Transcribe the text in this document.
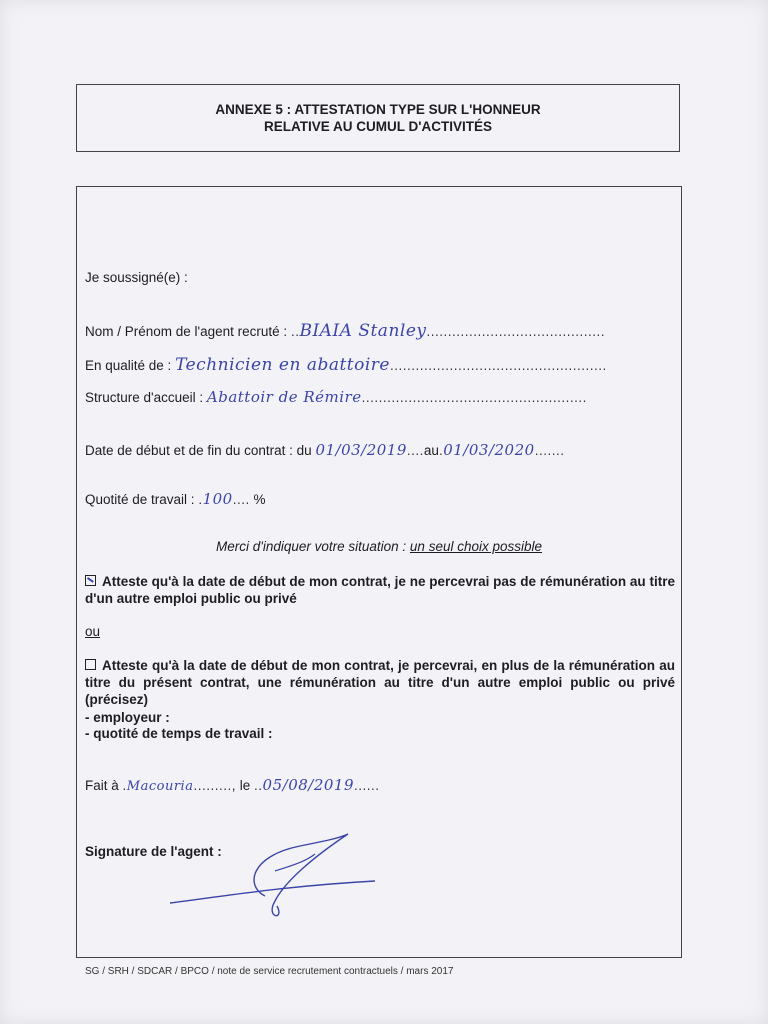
ANNEXE 5 : ATTESTATION TYPE SUR L'HONNEUR
RELATIVE AU CUMUL D'ACTIVITÉS
Je soussigné(e) :
Nom / Prénom de l'agent recruté : ..BIAIA Stanley..........................................
En qualité de : Technicien en abattoire...................................................
Structure d'accueil : Abattoir de Rémire.....................................................
Date de début et de fin du contrat : du 01/03/2019....au.01/03/2020.......
Quotité de travail : .100.... %
Merci d'indiquer votre situation : un seul choix possible
Atteste qu'à la date de début de mon contrat, je ne percevrai pas de rémunération au titre d'un autre emploi public ou privé
ou
Atteste qu'à la date de début de mon contrat, je percevrai, en plus de la rémunération au titre du présent contrat, une rémunération au titre d'un autre emploi public ou privé (précisez)
- employeur :
- quotité de temps de travail :
Fait à .Macouria........., le ..05/08/2019......
Signature de l'agent :
SG / SRH / SDCAR / BPCO / note de service recrutement contractuels / mars 2017
